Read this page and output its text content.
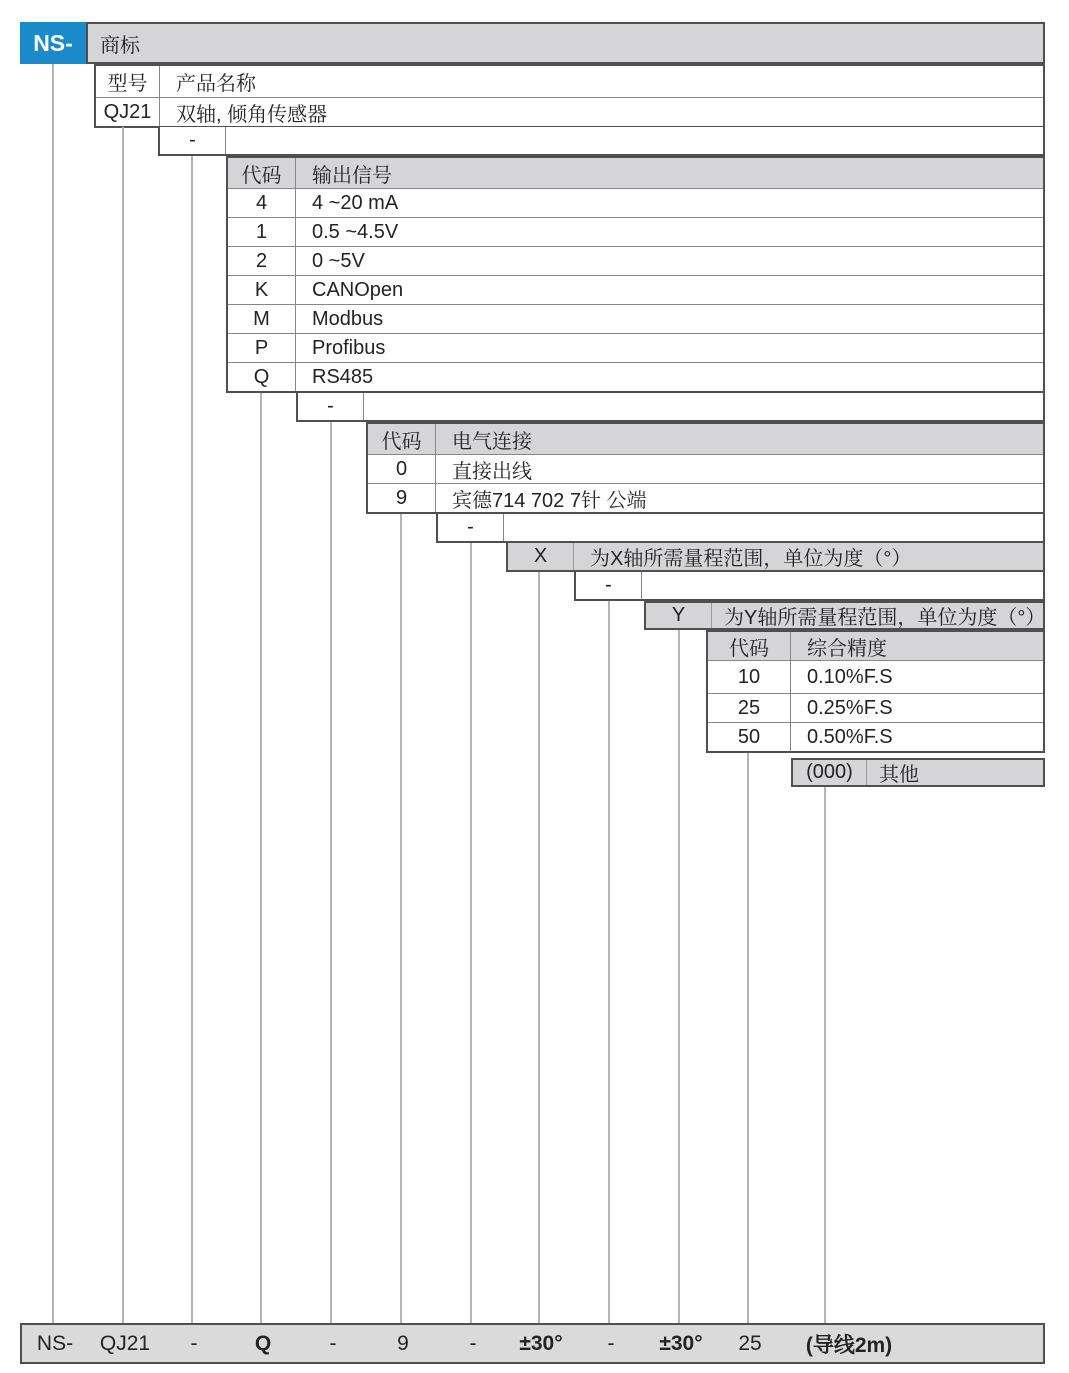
NS- 商标
型号	产品名称
QJ21	双轴, 倾角传感器
-
代码	输出信号
4	4 ~20 mA
1	0.5 ~4.5V
2	0 ~5V
K	CANOpen
M	Modbus
P	Profibus
Q	RS485
-
代码	电气连接
0	直接出线
9	宾德714 702 7针 公端
-
X	为X轴所需量程范围，单位为度（°）
-
Y	为Y轴所需量程范围，单位为度（°）
代码	综合精度
10	0.10%F.S
25	0.25%F.S
50	0.50%F.S
(000)	其他
NS- QJ21 -	Q	-	9	- ±30° - ±30° 25 (导线2m)
